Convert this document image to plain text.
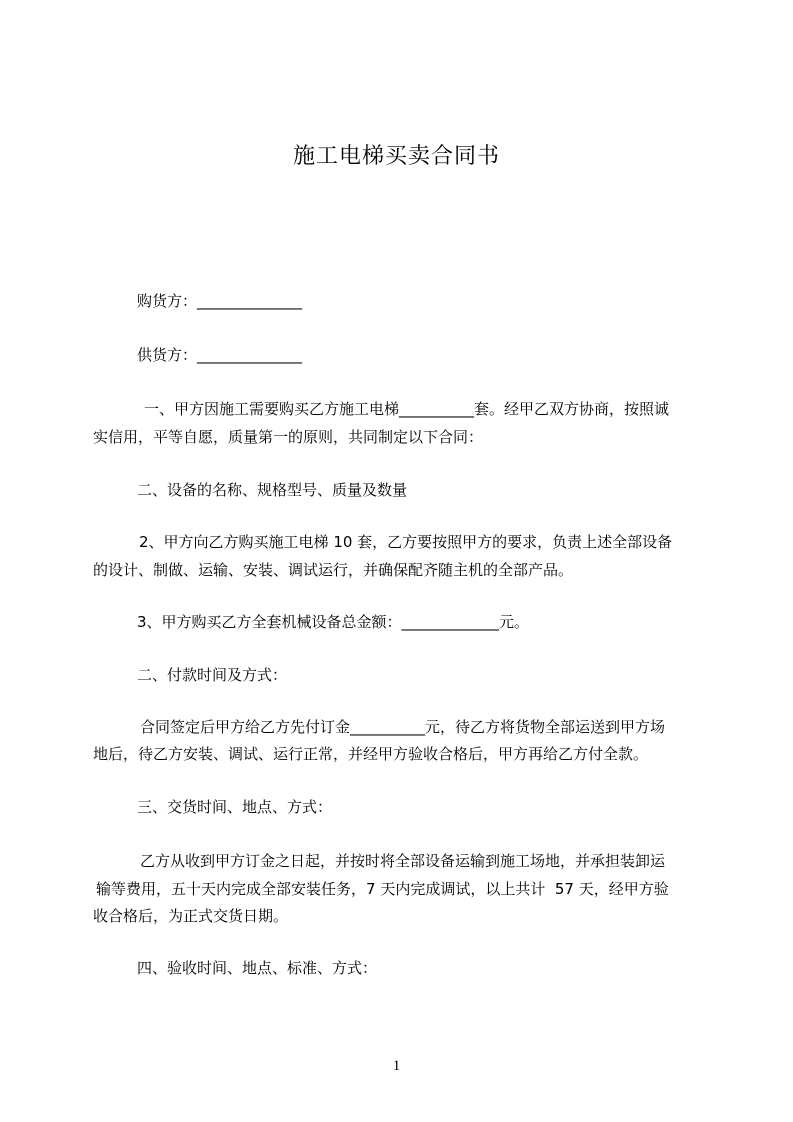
施工电梯买卖合同书

购货方：______________

供货方：______________

一、甲方因施工需要购买乙方施工电梯__________套。经甲乙双方协商，按照诚

实信用，平等自愿，质量第一的原则，共同制定以下合同：

二、设备的名称、规格型号、质量及数量

2、甲方向乙方购买施工电梯 10 套，乙方要按照甲方的要求，负责上述全部设备

的设计、制做、运输、安装、调试运行，并确保配齐随主机的全部产品。

3、甲方购买乙方全套机械设备总金额：_____________元。

二、付款时间及方式：

合同签定后甲方给乙方先付订金__________元，待乙方将货物全部运送到甲方场

地后，待乙方安装、调试、运行正常，并经甲方验收合格后，甲方再给乙方付全款。

三、交货时间、地点、方式：

乙方从收到甲方订金之日起，并按时将全部设备运输到施工场地，并承担装卸运

输等费用，五十天内完成全部安装任务，7 天内完成调试，以上共计  57 天，经甲方验

收合格后，为正式交货日期。

四、验收时间、地点、标准、方式：

1
